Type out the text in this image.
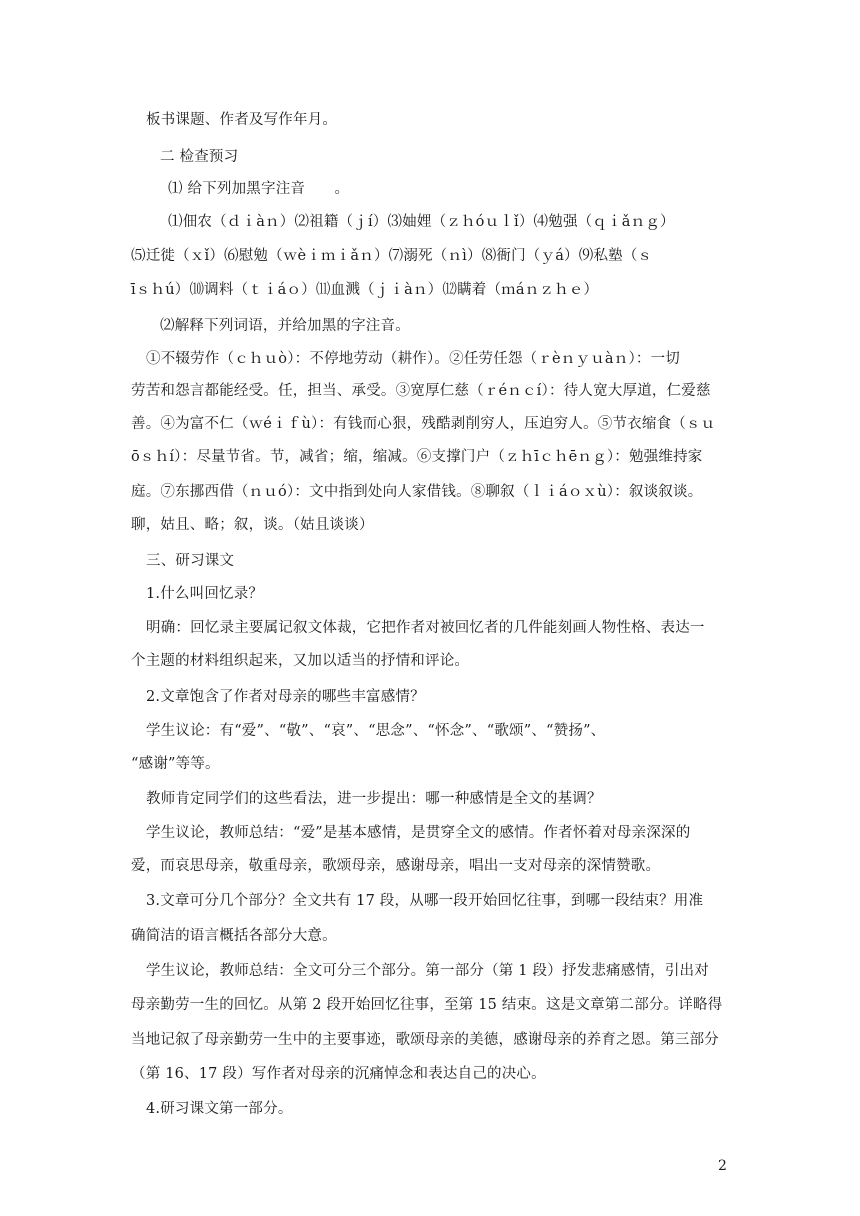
板书课题、作者及写作年月。
二 检查预习
⑴ 给下列加黑字注音　　。
⑴佃农（ｄｉàｎ）⑵祖籍（ｊí）⑶妯娌（ｚｈóｕｌǐ）⑷勉强（ｑｉǎｎｇ）
⑸迁徙（ｘǐ）⑹慰勉（ｗèｉｍｉǎｎ）⑺溺死（ｎì）⑻衙门（ｙá）⑼私塾（ｓ
īｓｈú）⑽调料（ｔｉáｏ）⑾血溅（ｊｉàｎ）⑿瞒着（ｍáｎｚｈｅ）
⑵解释下列词语，并给加黑的字注音。
①不辍劳作（ｃｈｕò）：不停地劳动（耕作）。②任劳任怨（ｒèｎｙｕàｎ）：一切
劳苦和怨言都能经受。任，担当、承受。③宽厚仁慈（ｒéｎｃí）：待人宽大厚道，仁爱慈
善。④为富不仁（ｗéｉｆù）：有钱而心狠，残酷剥削穷人，压迫穷人。⑤节衣缩食（ｓｕ
ōｓｈí）：尽量节省。节，减省；缩，缩减。⑥支撑门户（ｚｈīｃｈēｎｇ）：勉强维持家
庭。⑦东挪西借（ｎｕó）：文中指到处向人家借钱。⑧聊叙（ｌｉáｏｘù）：叙谈叙谈。
聊，姑且、略；叙，谈。（姑且谈谈）
三、研习课文
1.什么叫回忆录？
明确：回忆录主要属记叙文体裁，它把作者对被回忆者的几件能刻画人物性格、表达一
个主题的材料组织起来，又加以适当的抒情和评论。
2.文章饱含了作者对母亲的哪些丰富感情？
学生议论：有“爱”、“敬”、“哀”、“思念”、“怀念”、“歌颂”、“赞扬”、
“感谢”等等。
教师肯定同学们的这些看法，进一步提出：哪一种感情是全文的基调？
学生议论，教师总结：“爱”是基本感情，是贯穿全文的感情。作者怀着对母亲深深的
爱，而哀思母亲，敬重母亲，歌颂母亲，感谢母亲，唱出一支对母亲的深情赞歌。
3.文章可分几个部分？全文共有 17 段，从哪一段开始回忆往事，到哪一段结束？用准
确简洁的语言概括各部分大意。
学生议论，教师总结：全文可分三个部分。第一部分（第 1 段）抒发悲痛感情，引出对
母亲勤劳一生的回忆。从第 2 段开始回忆往事，至第 15 结束。这是文章第二部分。详略得
当地记叙了母亲勤劳一生中的主要事迹，歌颂母亲的美德，感谢母亲的养育之恩。第三部分
（第 16、17 段）写作者对母亲的沉痛悼念和表达自己的决心。
4.研习课文第一部分。
2
